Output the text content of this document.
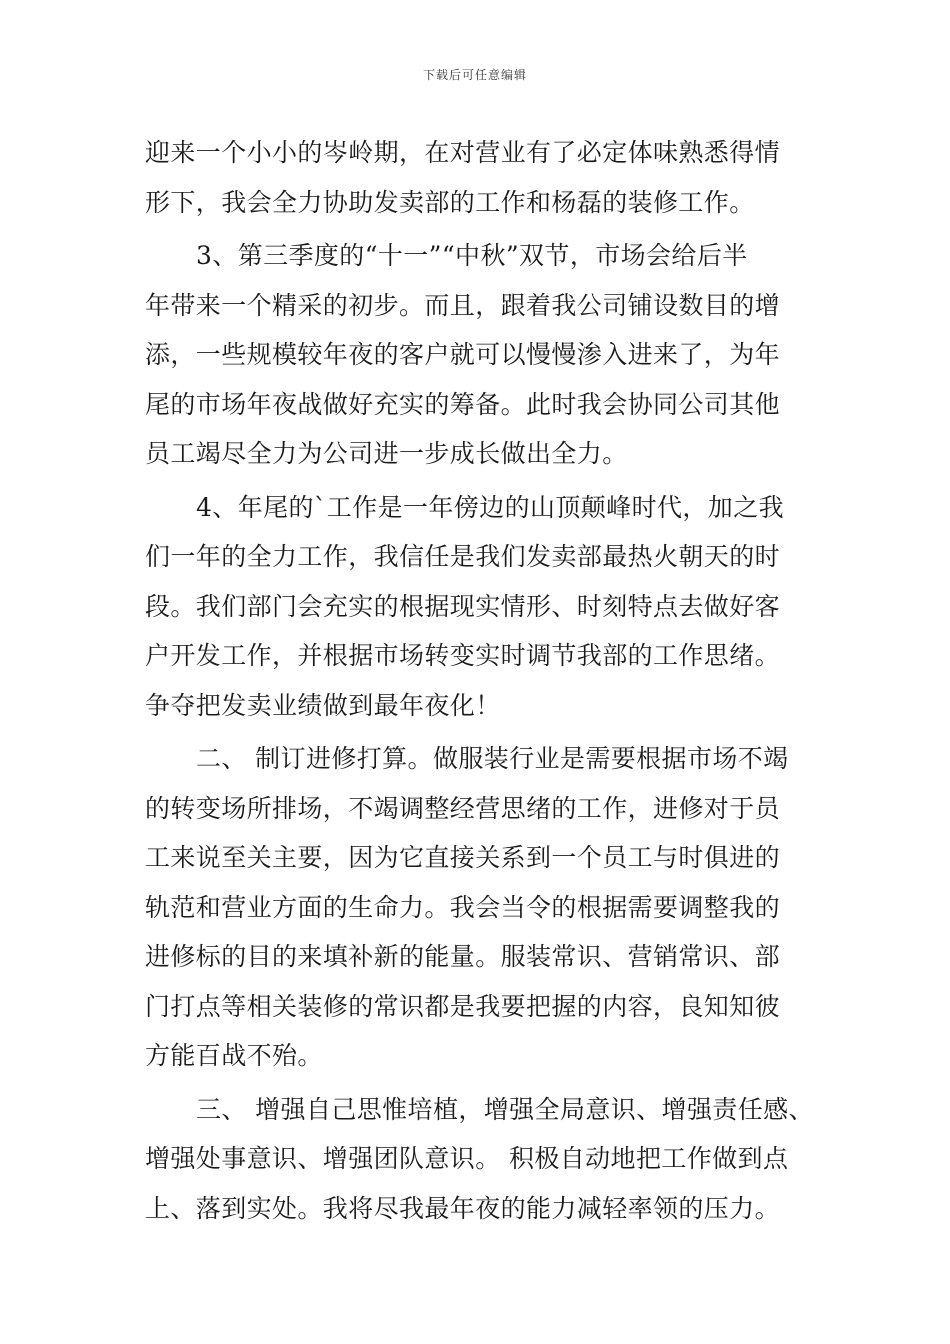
下载后可任意编辑
迎来一个小小的岑岭期，在对营业有了必定体味熟悉得情
形下，我会全力协助发卖部的工作和杨磊的装修工作。
3、第三季度的“十一”“中秋”双节，市场会给后半
年带来一个精采的初步。而且，跟着我公司铺设数目的增
添，一些规模较年夜的客户就可以慢慢渗入进来了，为年
尾的市场年夜战做好充实的筹备。此时我会协同公司其他
员工竭尽全力为公司进一步成长做出全力。
4、年尾的`工作是一年傍边的山顶颠峰时代，加之我
们一年的全力工作，我信任是我们发卖部最热火朝天的时
段。我们部门会充实的根据现实情形、时刻特点去做好客
户开发工作，并根据市场转变实时调节我部的工作思绪。
争夺把发卖业绩做到最年夜化！
二、 制订进修打算。做服装行业是需要根据市场不竭
的转变场所排场，不竭调整经营思绪的工作，进修对于员
工来说至关主要，因为它直接关系到一个员工与时俱进的
轨范和营业方面的生命力。我会当令的根据需要调整我的
进修标的目的来填补新的能量。服装常识、营销常识、部
门打点等相关装修的常识都是我要把握的内容，良知知彼
方能百战不殆。
三、 增强自己思惟培植，增强全局意识、增强责任感、
增强处事意识、增强团队意识。 积极自动地把工作做到点
上、落到实处。我将尽我最年夜的能力减轻率领的压力。
